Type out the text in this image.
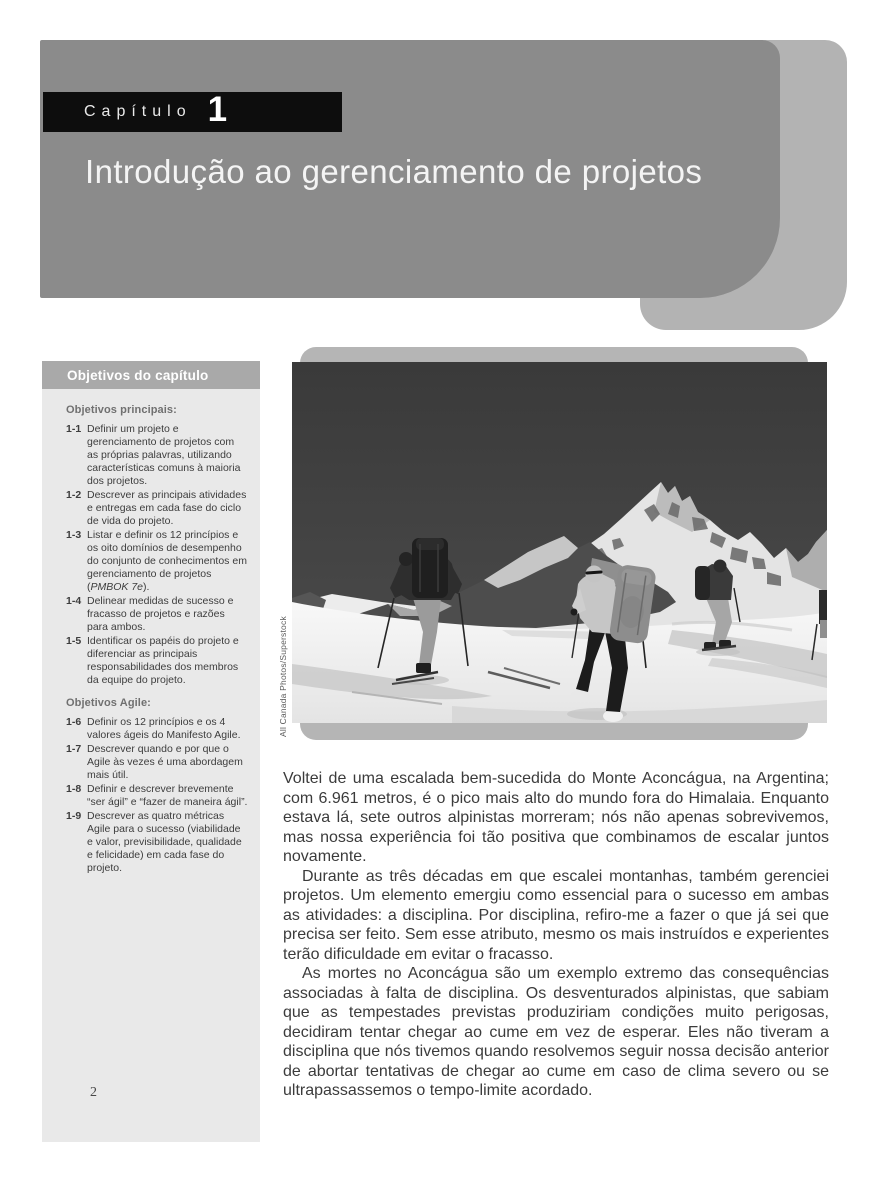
Capítulo 1
Introdução ao gerenciamento de projetos
Objetivos do capítulo
Objetivos principais:
1-1 Definir um projeto e gerenciamento de projetos com as próprias palavras, utilizando características comuns à maioria dos projetos.
1-2 Descrever as principais atividades e entregas em cada fase do ciclo de vida do projeto.
1-3 Listar e definir os 12 princípios e os oito domínios de desempenho do conjunto de conhecimentos em gerenciamento de projetos (PMBOK 7e).
1-4 Delinear medidas de sucesso e fracasso de projetos e razões para ambos.
1-5 Identificar os papéis do projeto e diferenciar as principais responsabilidades dos membros da equipe do projeto.
Objetivos Agile:
1-6 Definir os 12 princípios e os 4 valores ágeis do Manifesto Agile.
1-7 Descrever quando e por que o Agile às vezes é uma abordagem mais útil.
1-8 Definir e descrever brevemente “ser ágil” e “fazer de maneira ágil”.
1-9 Descrever as quatro métricas Agile para o sucesso (viabilidade e valor, previsibilidade, qualidade e felicidade) em cada fase do projeto.
2
All Canada Photos/Superstock

Voltei de uma escalada bem-sucedida do Monte Aconcágua, na Argentina; com 6.961 metros, é o pico mais alto do mundo fora do Himalaia. Enquanto estava lá, sete outros alpinistas morreram; nós não apenas sobrevivemos, mas nossa experiência foi tão positiva que combinamos de escalar juntos novamente.

Durante as três décadas em que escalei montanhas, também gerenciei projetos. Um elemento emergiu como essencial para o sucesso em ambas as atividades: a disciplina. Por disciplina, refiro-me a fazer o que já sei que precisa ser feito. Sem esse atributo, mesmo os mais instruídos e experientes terão dificuldade em evitar o fracasso.

As mortes no Aconcágua são um exemplo extremo das consequências associadas à falta de disciplina. Os desventurados alpinistas, que sabiam que as tempestades previstas produziriam condições muito perigosas, decidiram tentar chegar ao cume em vez de esperar. Eles não tiveram a disciplina que nós tivemos quando resolvemos seguir nossa decisão anterior de abortar tentativas de chegar ao cume em caso de clima severo ou se ultrapassassemos o tempo-limite acordado.
